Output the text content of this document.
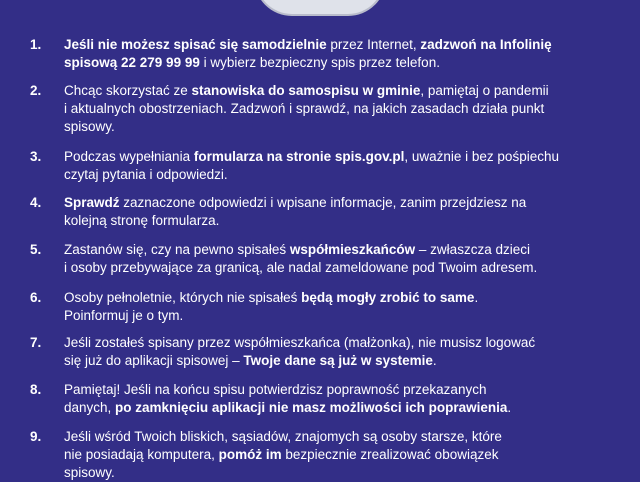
1. Jeśli nie możesz spisać się samodzielnie przez Internet, zadzwoń na Infolinię
spisową 22 279 99 99 i wybierz bezpieczny spis przez telefon.
2. Chcąc skorzystać ze stanowiska do samospisu w gminie, pamiętaj o pandemii
i aktualnych obostrzeniach. Zadzwoń i sprawdź, na jakich zasadach działa punkt
spisowy.
3. Podczas wypełniania formularza na stronie spis.gov.pl, uważnie i bez pośpiechu
czytaj pytania i odpowiedzi.
4. Sprawdź zaznaczone odpowiedzi i wpisane informacje, zanim przejdziesz na
kolejną stronę formularza.
5. Zastanów się, czy na pewno spisałeś współmieszkańców – zwłaszcza dzieci
i osoby przebywające za granicą, ale nadal zameldowane pod Twoim adresem.
6. Osoby pełnoletnie, których nie spisałeś będą mogły zrobić to same.
Poinformuj je o tym.
7. Jeśli zostałeś spisany przez współmieszkańca (małżonka), nie musisz logować
się już do aplikacji spisowej – Twoje dane są już w systemie.
8. Pamiętaj! Jeśli na końcu spisu potwierdzisz poprawność przekazanych
danych, po zamknięciu aplikacji nie masz możliwości ich poprawienia.
9. Jeśli wśród Twoich bliskich, sąsiadów, znajomych są osoby starsze, które
nie posiadają komputera, pomóż im bezpiecznie zrealizować obowiązek
spisowy.
